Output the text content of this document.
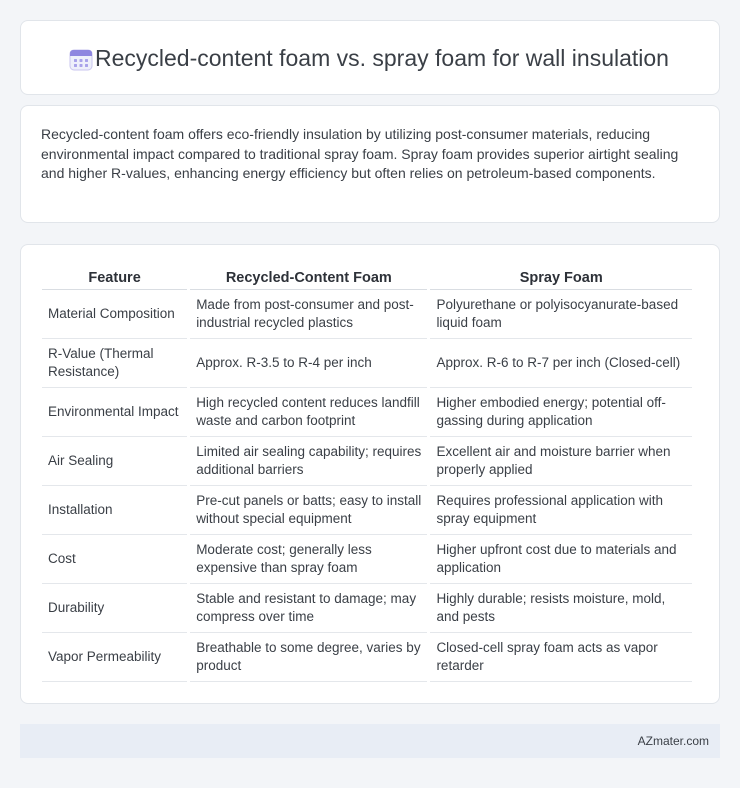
Recycled-content foam vs. spray foam for wall insulation

Recycled-content foam offers eco-friendly insulation by utilizing post-consumer materials, reducing environmental impact compared to traditional spray foam. Spray foam provides superior airtight sealing and higher R-values, enhancing energy efficiency but often relies on petroleum-based components.

Feature	Recycled-Content Foam	Spray Foam
Material Composition	Made from post-consumer and post-industrial recycled plastics	Polyurethane or polyisocyanurate-based liquid foam
R-Value (Thermal Resistance)	Approx. R-3.5 to R-4 per inch	Approx. R-6 to R-7 per inch (Closed-cell)
Environmental Impact	High recycled content reduces landfill waste and carbon footprint	Higher embodied energy; potential off-gassing during application
Air Sealing	Limited air sealing capability; requires additional barriers	Excellent air and moisture barrier when properly applied
Installation	Pre-cut panels or batts; easy to install without special equipment	Requires professional application with spray equipment
Cost	Moderate cost; generally less expensive than spray foam	Higher upfront cost due to materials and application
Durability	Stable and resistant to damage; may compress over time	Highly durable; resists moisture, mold, and pests
Vapor Permeability	Breathable to some degree, varies by product	Closed-cell spray foam acts as vapor retarder
AZmater.com
